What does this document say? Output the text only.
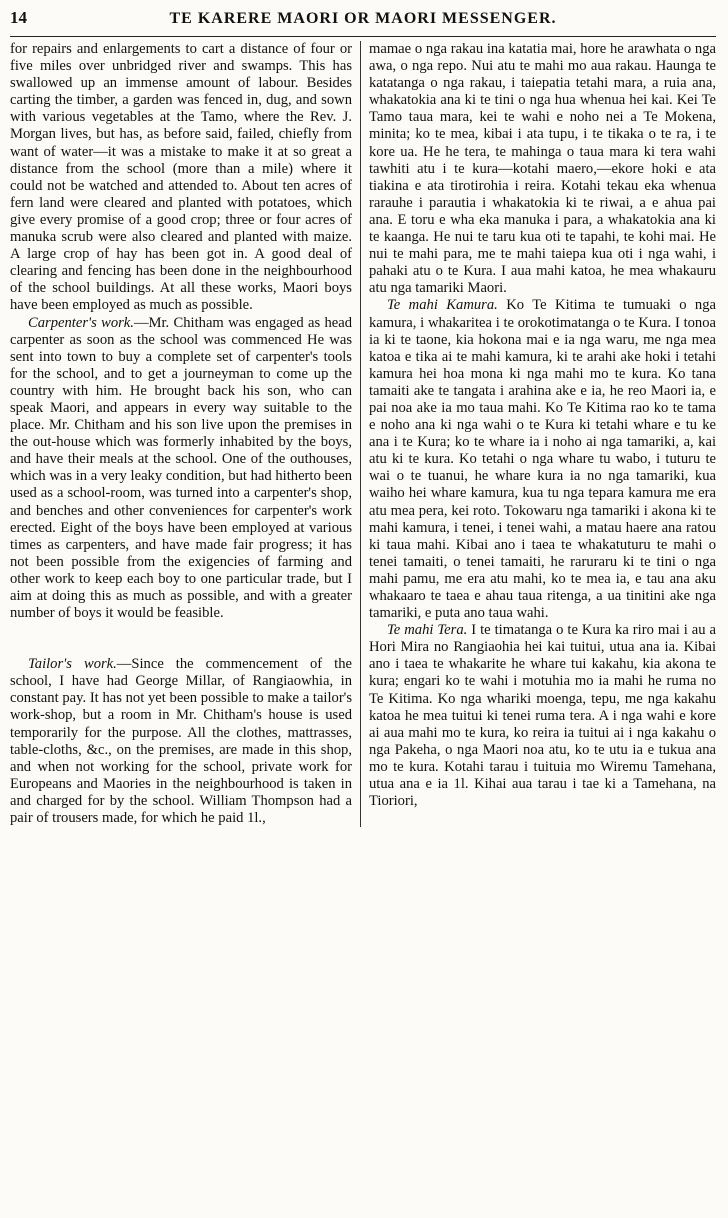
14	TE KARERE MAORI OR MAORI MESSENGER.

for repairs and enlargements to cart a distance of four or five miles over unbridged river and swamps. This has swallowed up an immense amount of labour. Besides carting the timber, a garden was fenced in, dug, and sown with various vegetables at the Tamo, where the Rev. J. Morgan lives, but has, as before said, failed, chiefly from want of water—it was a mistake to make it at so great a distance from the school (more than a mile) where it could not be watched and attended to. About ten acres of fern land were cleared and planted with potatoes, which give every promise of a good crop; three or four acres of manuka scrub were also cleared and planted with maize. A large crop of hay has been got in. A good deal of clearing and fencing has been done in the neighbourhood of the school buildings. At all these works, Maori boys have been employed as much as possible.

Carpenter's work.—Mr. Chitham was engaged as head carpenter as soon as the school was commenced He was sent into town to buy a complete set of carpenter's tools for the school, and to get a journeyman to come up the country with him. He brought back his son, who can speak Maori, and appears in every way suitable to the place. Mr. Chitham and his son live upon the premises in the out-house which was formerly inhabited by the boys, and have their meals at the school. One of the outhouses, which was in a very leaky condition, but had hitherto been used as a school-room, was turned into a carpenter's shop, and benches and other conveniences for carpenter's work erected. Eight of the boys have been employed at various times as carpenters, and have made fair progress; it has not been possible from the exigencies of farming and other work to keep each boy to one particular trade, but I aim at doing this as much as possible, and with a greater number of boys it would be feasible.

Tailor's work.—Since the commencement of the school, I have had George Millar, of Rangiaowhia, in constant pay. It has not yet been possible to make a tailor's work-shop, but a room in Mr. Chitham's house is used temporarily for the purpose. All the clothes, mattrasses, table-cloths, &c., on the premises, are made in this shop, and when not working for the school, private work for Europeans and Maories in the neighbourhood is taken in and charged for by the school. William Thompson had a pair of trousers made, for which he paid 1l.,

mamae o nga rakau ina katatia mai, hore he arawhata o nga awa, o nga repo. Nui atu te mahi mo aua rakau. Haunga te katatanga o nga rakau, i taiepatia tetahi mara, a ruia ana, whakatokia ana ki te tini o nga hua whenua hei kai. Kei Te Tamo taua mara, kei te wahi e noho nei a Te Mokena, minita; ko te mea, kibai i ata tupu, i te tikaka o te ra, i te kore ua. He he tera, te mahinga o taua mara ki tera wahi tawhiti atu i te kura—kotahi maero,—ekore hoki e ata tiakina e ata tirotirohia i reira. Kotahi tekau eka whenua rarauhe i parautia i whakatokia ki te riwai, a e ahua pai ana. E toru e wha eka manuka i para, a whakatokia ana ki te kaanga. He nui te taru kua oti te tapahi, te kohi mai. He nui te mahi para, me te mahi taiepa kua oti i nga wahi, i pahaki atu o te Kura. I aua mahi katoa, he mea whakauru atu nga tamariki Maori.

Te mahi Kamura. Ko Te Kitima te tumuaki o nga kamura, i whakaritea i te orokotimatanga o te Kura. I tonoa ia ki te taone, kia hokona mai e ia nga waru, me nga mea katoa e tika ai te mahi kamura, ki te arahi ake hoki i tetahi kamura hei hoa mona ki nga mahi mo te kura. Ko tana tamaiti ake te tangata i arahina ake e ia, he reo Maori ia, e pai noa ake ia mo taua mahi. Ko Te Kitima rao ko te tama e noho ana ki nga wahi o te Kura ki tetahi whare e tu ke ana i te Kura; ko te whare ia i noho ai nga tamariki, a, kai atu ki te kura. Ko tetahi o nga whare tu wabo, i tuturu te wai o te tuanui, he whare kura ia no nga tamariki, kua waiho hei whare kamura, kua tu nga tepara kamura me era atu mea pera, kei roto. Tokowaru nga tamariki i akona ki te mahi kamura, i tenei, i tenei wahi, a matau haere ana ratou ki taua mahi. Kibai ano i taea te whakatuturu te mahi o tenei tamaiti, o tenei tamaiti, he raruraru ki te tini o nga mahi pamu, me era atu mahi, ko te mea ia, e tau ana aku whakaaro te taea e ahau taua ritenga, a ua tinitini ake nga tamariki, e puta ano taua wahi.

Te mahi Tera. I te timatanga o te Kura ka riro mai i au a Hori Mira no Rangiaohia hei kai tuitui, utua ana ia. Kibai ano i taea te whakarite he whare tui kakahu, kia akona te kura; engari ko te wahi i motuhia mo ia mahi he ruma no Te Kitima. Ko nga whariki moenga, tepu, me nga kakahu katoa he mea tuitui ki tenei ruma tera. A i nga wahi e kore ai aua mahi mo te kura, ko reira ia tuitui ai i nga kakahu o nga Pakeha, o nga Maori noa atu, ko te utu ia e tukua ana mo te kura. Kotahi tarau i tuituia mo Wiremu Tamehana, utua ana e ia 1l. Kihai aua tarau i tae ki a Tamehana, na Tioriori,
